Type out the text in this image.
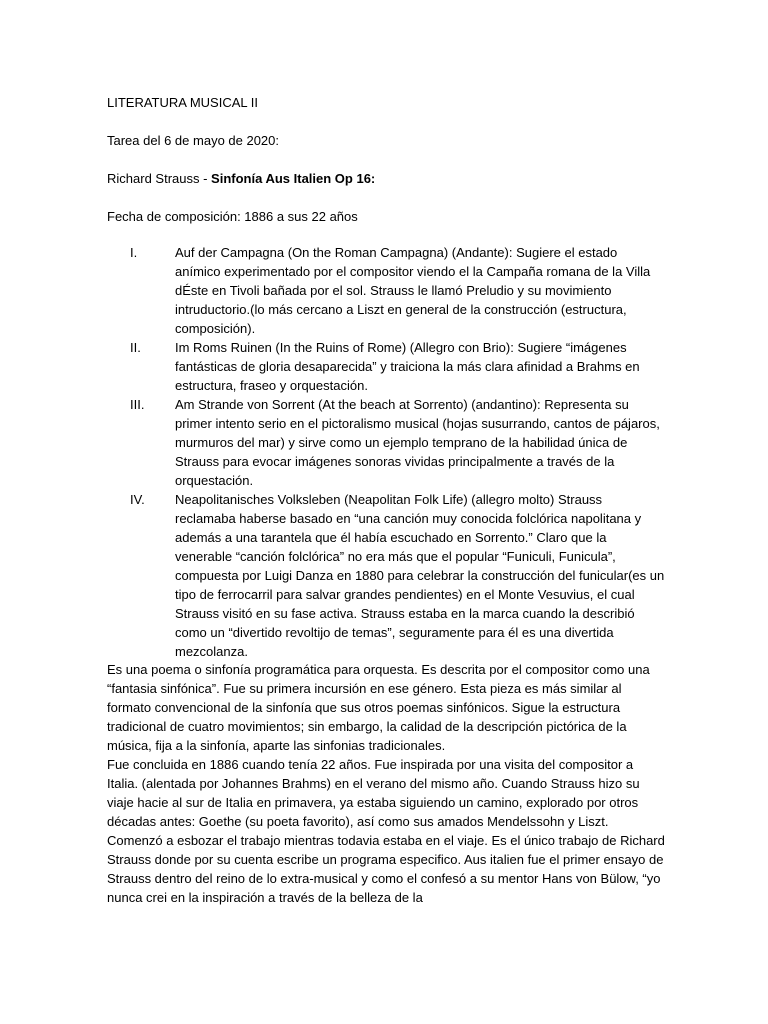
LITERATURA MUSICAL II

Tarea del 6 de mayo de 2020:

Richard Strauss - Sinfonía Aus Italien Op 16:

Fecha de composición: 1886 a sus 22 años

I.	Auf der Campagna (On the Roman Campagna) (Andante): Sugiere el estado anímico experimentado por el compositor viendo el la Campaña romana de la Villa dÉste en Tivoli bañada por el sol. Strauss le llamó Preludio y su movimiento intruductorio.(lo más cercano a Liszt en general de la construcción (estructura, composición).

II.	Im Roms Ruinen (In the Ruins of Rome) (Allegro con Brio): Sugiere “imágenes fantásticas de gloria desaparecida” y traiciona la más clara afinidad a Brahms en estructura, fraseo y orquestación.

III. Am Strande von Sorrent (At the beach at Sorrento) (andantino): Representa su primer intento serio en el pictoralismo musical (hojas susurrando, cantos de pájaros, murmuros del mar) y sirve como un ejemplo temprano de la habilidad única de Strauss para evocar imágenes sonoras vividas principalmente a través de la orquestación.

IV. Neapolitanisches Volksleben (Neapolitan Folk Life) (allegro molto) Strauss reclamaba haberse basado en “una canción muy conocida folclórica napolitana y además a una tarantela que él había escuchado en Sorrento.” Claro que la venerable “canción folclórica” no era más que el popular “Funiculi, Funicula”, compuesta por Luigi Danza en 1880 para celebrar la construcción del funicular(es un tipo de ferrocarril para salvar grandes pendientes) en el Monte Vesuvius, el cual Strauss visitó en su fase activa. Strauss estaba en la marca cuando la describió como un “divertido revoltijo de temas”, seguramente para él es una divertida mezcolanza.

Es una poema o sinfonía programática para orquesta. Es descrita por el compositor como una “fantasia sinfónica”. Fue su primera incursión en ese género. Esta pieza es más similar al formato convencional de la sinfonía que sus otros poemas sinfónicos. Sigue la estructura tradicional de cuatro movimientos; sin embargo, la calidad de la descripción pictórica de la música, fija a la sinfonía, aparte las sinfonias tradicionales.

Fue concluida en 1886 cuando tenía 22 años. Fue inspirada por una visita del compositor a Italia. (alentada por Johannes Brahms) en el verano del mismo año. Cuando Strauss hizo su viaje hacie al sur de Italia en primavera, ya estaba siguiendo un camino, explorado por otros décadas antes: Goethe (su poeta favorito), así como sus amados Mendelssohn y Liszt. Comenzó a esbozar el trabajo mientras todavia estaba en el viaje. Es el único trabajo de Richard Strauss donde por su cuenta escribe un programa especifico. Aus italien fue el primer ensayo de Strauss dentro del reino de lo extra-musical y como el confesó a su mentor Hans von Bülow, “yo nunca crei en la inspiración a través de la belleza de la
